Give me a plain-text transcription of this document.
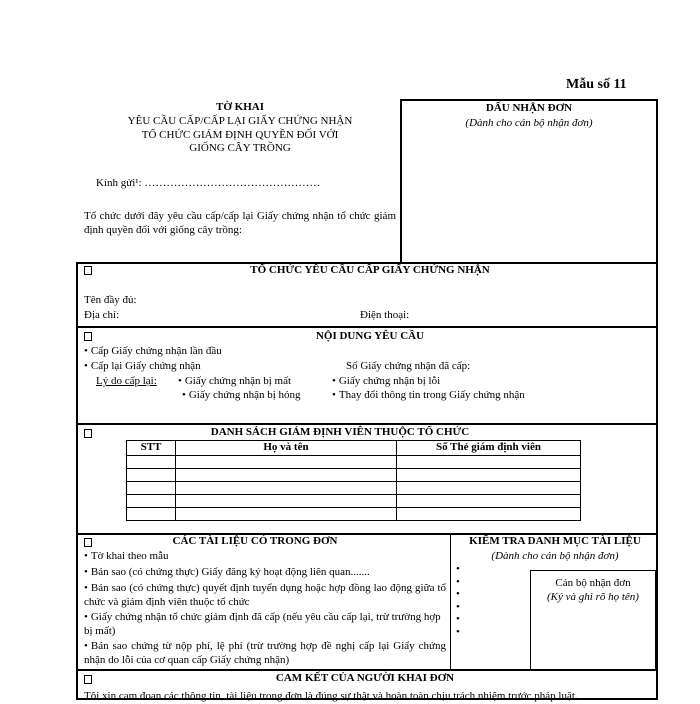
Mẫu số 11
TỜ KHAI
YÊU CẦU CẤP/CẤP LẠI GIẤY CHỨNG NHẬN
TỔ CHỨC GIÁM ĐỊNH QUYỀN ĐỐI VỚI
GIỐNG CÂY TRỒNG
Kính gửi¹: …………………………………………
Tổ chức dưới đây yêu cầu cấp/cấp lại Giấy chứng nhận tổ chức giám định quyền đối với giống cây trồng:
DẤU NHẬN ĐƠN
(Dành cho cán bộ nhận đơn)
TỔ CHỨC YÊU CẦU CẤP GIẤY CHỨNG NHẬN
Tên đầy đủ:
Địa chỉ:	Điện thoại:
NỘI DUNG YÊU CẦU
• Cấp Giấy chứng nhận lần đầu
• Cấp lại Giấy chứng nhận	Số Giấy chứng nhận đã cấp:
Lý do cấp lại:	• Giấy chứng nhận bị mất	• Giấy chứng nhận bị lỗi
• Giấy chứng nhận bị hỏng	• Thay đổi thông tin trong Giấy chứng nhận
DANH SÁCH GIÁM ĐỊNH VIÊN THUỘC TỔ CHỨC
STT	Họ và tên	Số Thẻ giám định viên

CÁC TÀI LIỆU CÓ TRONG ĐƠN
• Tờ khai theo mẫu
• Bản sao (có chứng thực) Giấy đăng ký hoạt động liên quan.......
• Bản sao (có chứng thực) quyết định tuyển dụng hoặc hợp đồng lao động giữa tổ chức và giám định viên thuộc tổ chức
• Giấy chứng nhận tổ chức giám định đã cấp (nếu yêu cầu cấp lại, trừ trường hợp bị mất)
• Bản sao chứng từ nộp phí, lệ phí (trừ trường hợp đề nghị cấp lại Giấy chứng nhận do lỗi của cơ quan cấp Giấy chứng nhận)
KIỂM TRA DANH MỤC TÀI LIỆU
(Dành cho cán bộ nhận đơn)
•
•
•
•
•
•
Cán bộ nhận đơn
(Ký và ghi rõ họ tên)
CAM KẾT CỦA NGƯỜI KHAI ĐƠN
Tôi xin cam đoan các thông tin, tài liệu trong đơn là đúng sự thật và hoàn toàn chịu trách nhiệm trước pháp luật.
